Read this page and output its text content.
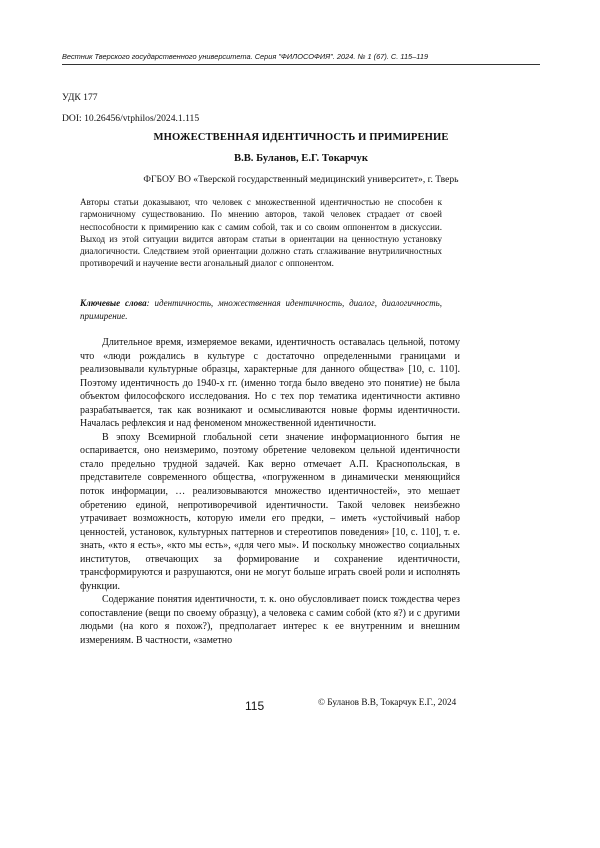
Вестник Тверского государственного университета. Серия "ФИЛОСОФИЯ". 2024. № 1 (67). С. 115–119
УДК 177
DOI: 10.26456/vtphilos/2024.1.115
МНОЖЕСТВЕННАЯ ИДЕНТИЧНОСТЬ И ПРИМИРЕНИЕ
В.В. Буланов, Е.Г. Токарчук
ФГБОУ ВО «Тверской государственный медицинский университет», г. Тверь

Авторы статьи доказывают, что человек с множественной идентичностью не способен к гармоничному существованию. По мнению авторов, такой человек страдает от своей неспособности к примирению как с самим собой, так и со своим оппонентом в дискуссии. Выход из этой ситуации видится авторам статьи в ориентации на ценностную установку диалогичности. Следствием этой ориентации должно стать сглаживание внутриличностных противоречий и научение вести агональный диалог с оппонентом.

Ключевые слова: идентичность, множественная идентичность, диалог, диалогичность, примирение.

Длительное время, измеряемое веками, идентичность оставалась цельной, потому что «люди рождались в культуре с достаточно определенными границами и реализовывали культурные образцы, характерные для данного общества» [10, с. 110]. Поэтому идентичность до 1940-х гг. (именно тогда было введено это понятие) не была объектом философского исследования. Но с тех пор тематика идентичности активно разрабатывается, так как возникают и осмысливаются новые формы идентичности. Началась рефлексия и над феноменом множественной идентичности.

В эпоху Всемирной глобальной сети значение информационного бытия не оспаривается, оно неизмеримо, поэтому обретение человеком цельной идентичности стало предельно трудной задачей. Как верно отмечает А.П. Краснопольская, в представителе современного общества, «погруженном в динамически меняющийся поток информации, … реализовываются множество идентичностей», это мешает обретению единой, непротиворечивой идентичности. Такой человек неизбежно утрачивает возможность, которую имели его предки, – иметь «устойчивый набор ценностей, установок, культурных паттернов и стереотипов поведения» [10, с. 110], т. е. знать, «кто я есть», «кто мы есть», «для чего мы». И поскольку множество социальных институтов, отвечающих за формирование и сохранение идентичности, трансформируются и разрушаются, они не могут больше играть своей роли и исполнять функции.

Содержание понятия идентичности, т. к. оно обусловливает поиск тождества через сопоставление (вещи по своему образцу), а человека с самим собой (кто я?) и с другими людьми (на кого я похож?), предполагает интерес к ее внутренним и внешним измерениям. В частности, «заметно

115	© Буланов В.В, Токарчук Е.Г., 2024
